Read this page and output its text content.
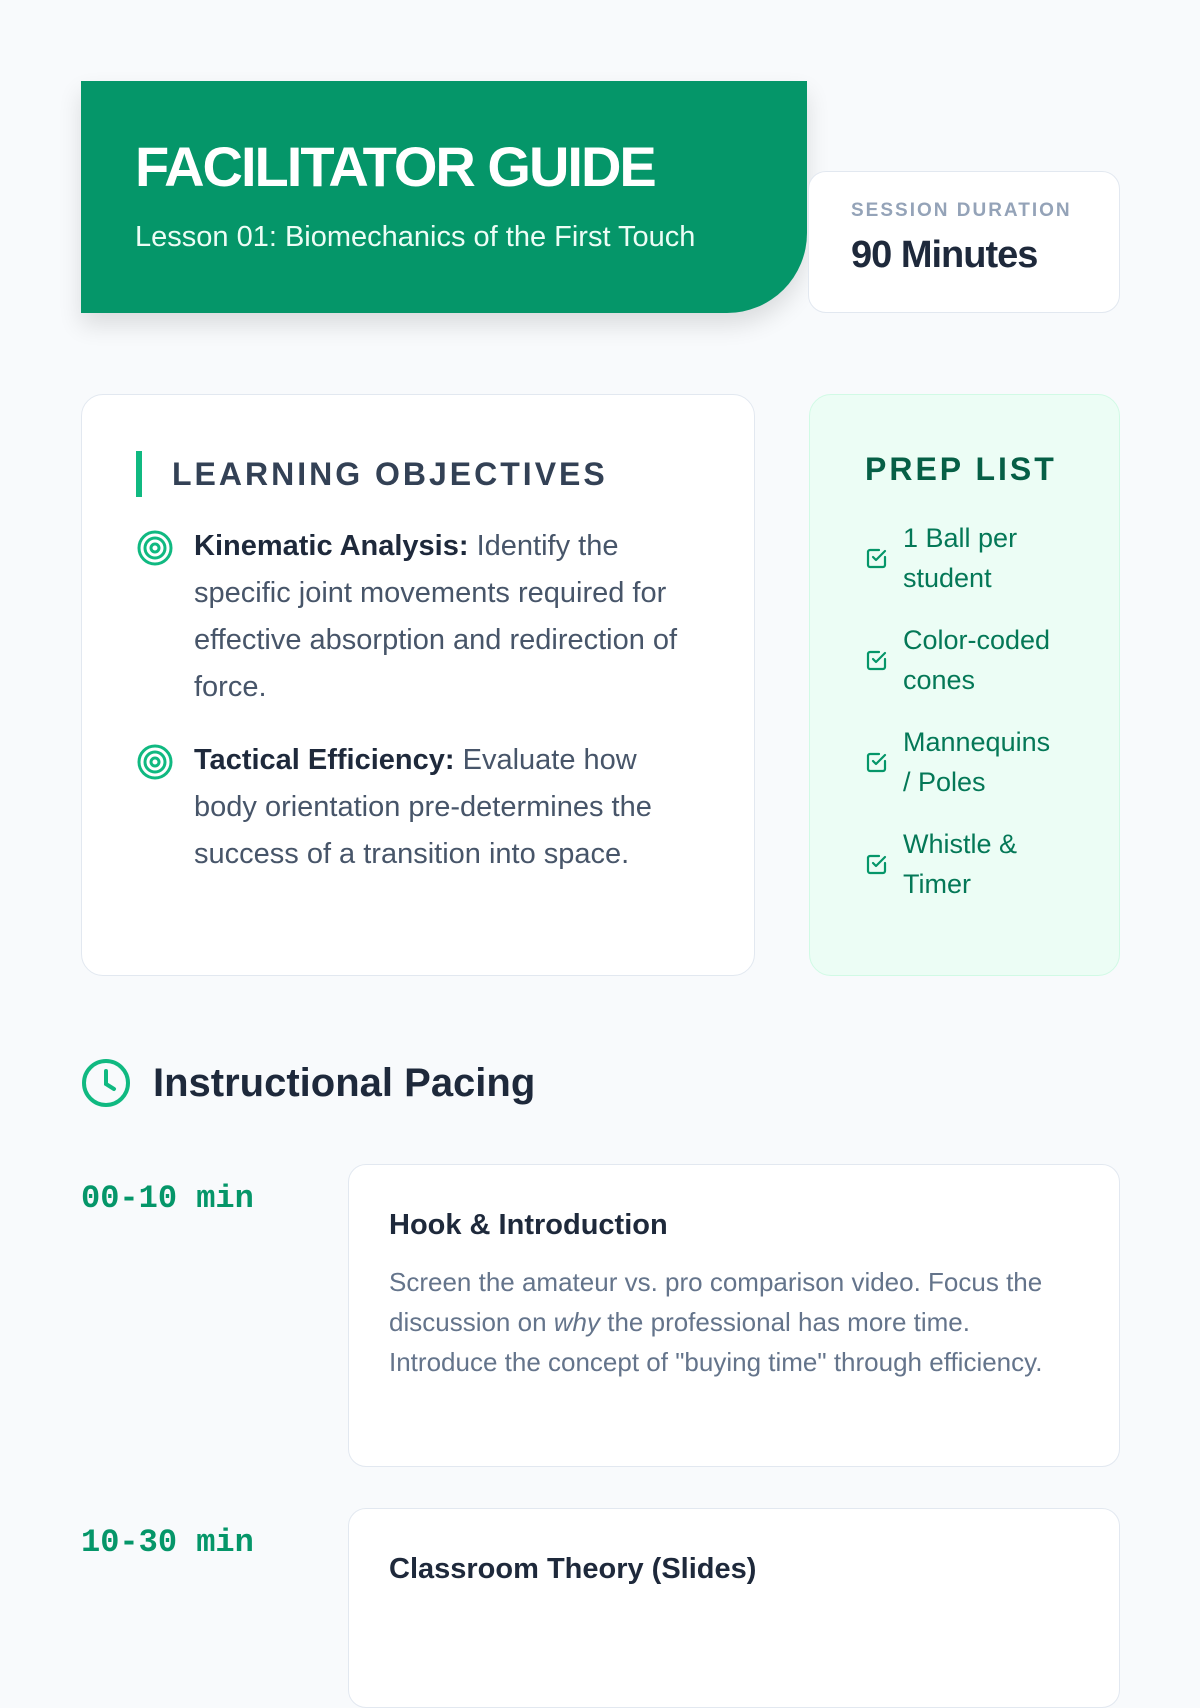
FACILITATOR GUIDE

Lesson 01: Biomechanics of the First Touch

SESSION DURATION
90 Minutes
LEARNING OBJECTIVES

Kinematic Analysis: Identify the specific joint movements required for effective absorption and redirection of force.

Tactical Efficiency: Evaluate how body orientation pre-determines the success of a transition into space.

PREP LIST
1 Ball per student
Color-coded cones
Mannequins / Poles
Whistle & Timer
Instructional Pacing
00-10 min
Hook & Introduction

Screen the amateur vs. pro comparison video. Focus the discussion on why the professional has more time. Introduce the concept of "buying time" through efficiency.

10-30 min
Classroom Theory (Slides)
